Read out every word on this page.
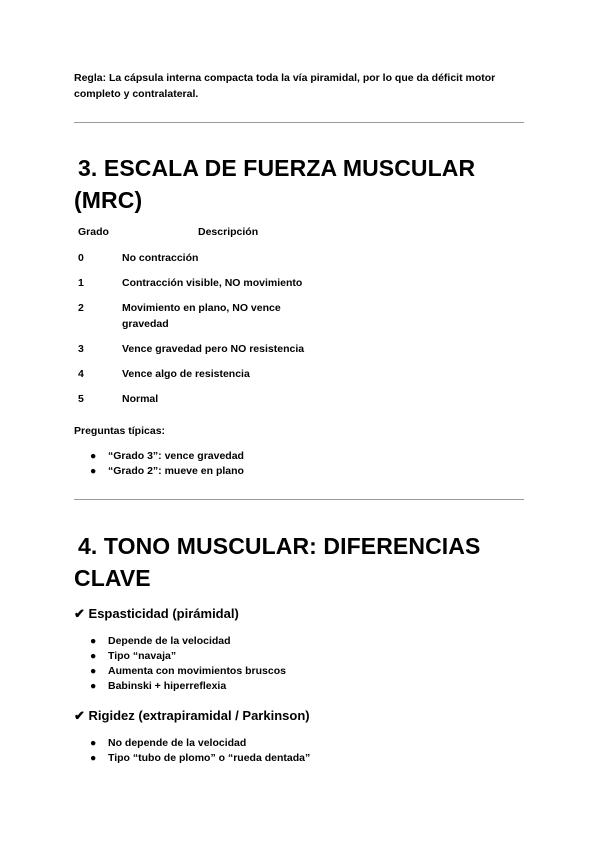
Regla: La cápsula interna compacta toda la vía piramidal, por lo que da déficit motor completo y contralateral.
3. ESCALA DE FUERZA MUSCULAR (MRC)
Grado	Descripción
0	No contracción
1	Contracción visible, NO movimiento
2	Movimiento en plano, NO vence gravedad
3	Vence gravedad pero NO resistencia
4	Vence algo de resistencia
5	Normal
Preguntas típicas:
● “Grado 3”: vence gravedad
● “Grado 2”: mueve en plano
4. TONO MUSCULAR: DIFERENCIAS CLAVE
✔ Espasticidad (pirámidal)
● Depende de la velocidad
● Tipo “navaja”
● Aumenta con movimientos bruscos
● Babinski + hiperreflexia
✔ Rigidez (extrapiramidal / Parkinson)
● No depende de la velocidad
● Tipo “tubo de plomo” o “rueda dentada”
